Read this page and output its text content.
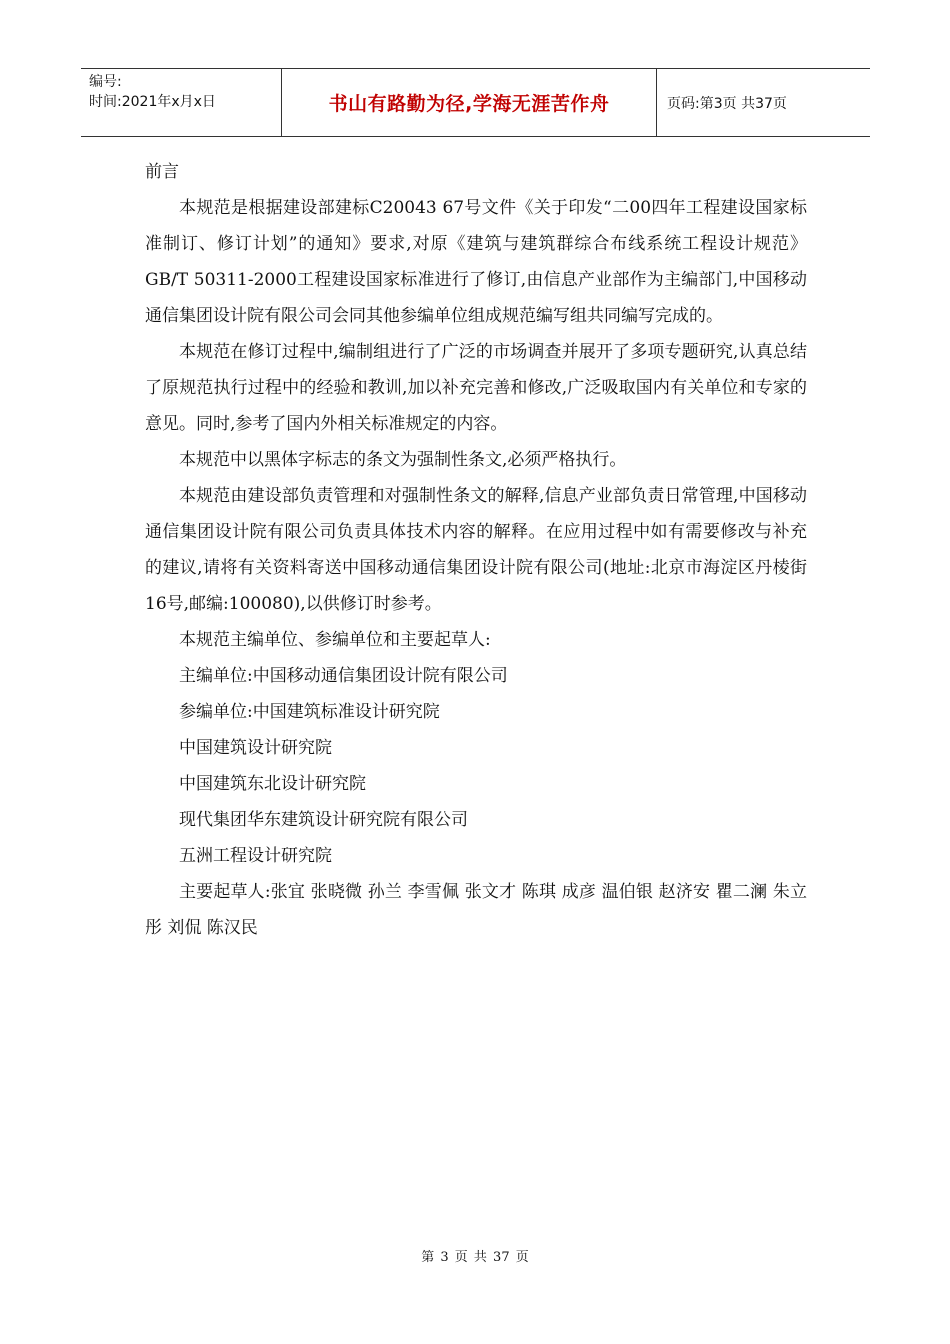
编号:
时间:2021年x月x日	书山有路勤为径,学海无涯苦作舟	页码:第3页 共37页

前言

本规范是根据建设部建标C20043 67号文件《关于印发“二00四年工程建设国家标准制订、修订计划”的通知》要求,对原《建筑与建筑群综合布线系统工程设计规范》GB/T 50311-2000工程建设国家标准进行了修订,由信息产业部作为主编部门,中国移动通信集团设计院有限公司会同其他参编单位组成规范编写组共同编写完成的。

本规范在修订过程中,编制组进行了广泛的市场调查并展开了多项专题研究,认真总结了原规范执行过程中的经验和教训,加以补充完善和修改,广泛吸取国内有关单位和专家的意见。同时,参考了国内外相关标准规定的内容。

本规范中以黑体字标志的条文为强制性条文,必须严格执行。

本规范由建设部负责管理和对强制性条文的解释,信息产业部负责日常管理,中国移动通信集团设计院有限公司负责具体技术内容的解释。在应用过程中如有需要修改与补充的建议,请将有关资料寄送中国移动通信集团设计院有限公司(地址:北京市海淀区丹棱街16号,邮编:100080),以供修订时参考。

本规范主编单位、参编单位和主要起草人:

主编单位:中国移动通信集团设计院有限公司

参编单位:中国建筑标准设计研究院

中国建筑设计研究院

中国建筑东北设计研究院

现代集团华东建筑设计研究院有限公司

五洲工程设计研究院

主要起草人:张宜 张晓微 孙兰 李雪佩 张文才 陈琪 成彦 温伯银 赵济安 瞿二澜 朱立彤 刘侃 陈汉民

第 3 页 共 37 页
